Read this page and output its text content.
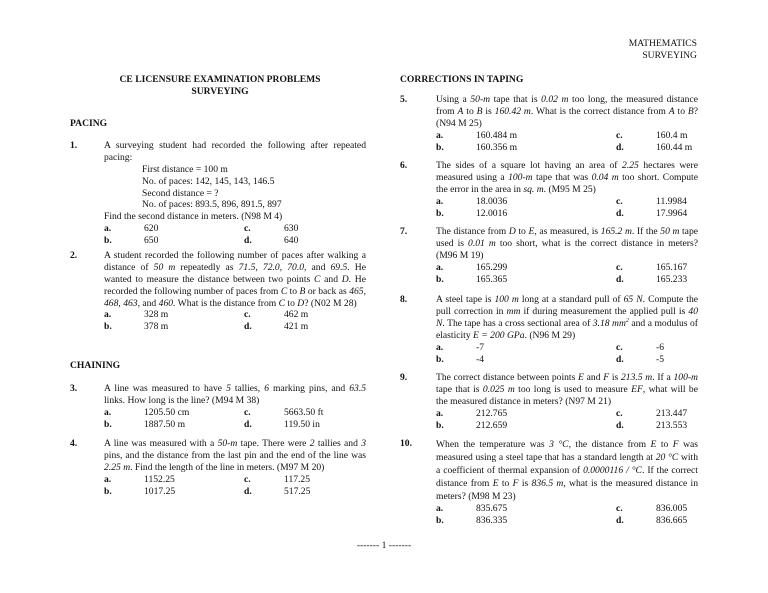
MATHEMATICS
SURVEYING
CE LICENSURE EXAMINATION PROBLEMS
SURVEYING
PACING
1.	A surveying student had recorded the following after repeated pacing:
First distance = 100 m
No. of paces: 142, 145, 143, 146.5
Second distance = ?
No. of paces: 893.5, 896, 891.5, 897
Find the second distance in meters. (N98 M 4)
a.	620	c.	630
b.	650	d.	640
2.	A student recorded the following number of paces after walking a distance of 50 m repeatedly as 71.5, 72.0, 70.0, and 69.5. He wanted to measure the distance between two points C and D. He recorded the following number of paces from C to B or back as 465, 468, 463, and 460. What is the distance from C to D? (N02 M 28)
a.	328 m	c.	462 m
b.	378 m	d.	421 m
CHAINING
3.	A line was measured to have 5 tallies, 6 marking pins, and 63.5 links. How long is the line? (M94 M 38)
a.	1205.50 cm	c.	5663.50 ft
b.	1887.50 m	d.	119.50 in
4.	A line was measured with a 50-m tape. There were 2 tallies and 3 pins, and the distance from the last pin and the end of the line was 2.25 m. Find the length of the line in meters. (M97 M 20)
a.	1152.25	c.	117.25
b.	1017.25	d.	517.25
CORRECTIONS IN TAPING
5.	Using a 50-m tape that is 0.02 m too long, the measured distance from A to B is 160.42 m. What is the correct distance from A to B? (N94 M 25)
a.	160.484 m	c.	160.4 m
b.	160.356 m	d.	160.44 m
6.	The sides of a square lot having an area of 2.25 hectares were measured using a 100-m tape that was 0.04 m too short. Compute the error in the area in sq. m. (M95 M 25)
a.	18.0036	c.	11.9984
b.	12.0016	d.	17.9964
7.	The distance from D to E, as measured, is 165.2 m. If the 50 m tape used is 0.01 m too short, what is the correct distance in meters? (M96 M 19)
a.	165.299	c.	165.167
b.	165.365	d.	165.233
8.	A steel tape is 100 m long at a standard pull of 65 N. Compute the pull correction in mm if during measurement the applied pull is 40 N. The tape has a cross sectional area of 3.18 $mm^2$ and a modulus of elasticity E = 200 GPa. (N96 M 29)
a.	-7	c.	-6
b.	-4	d.	-5
9.	The correct distance between points E and F is 213.5 m. If a 100-m tape that is 0.025 m too long is used to measure EF, what will be the measured distance in meters? (N97 M 21)
a.	212.765	c.	213.447
b.	212.659	d.	213.553
10.	When the temperature was 3 °C, the distance from E to F was measured using a steel tape that has a standard length at 20 °C with a coefficient of thermal expansion of 0.0000116 / °C. If the correct distance from E to F is 836.5 m, what is the measured distance in meters? (M98 M 23)
a.	835.675	c.	836.005
b.	836.335	d.	836.665
------- 1 -------
